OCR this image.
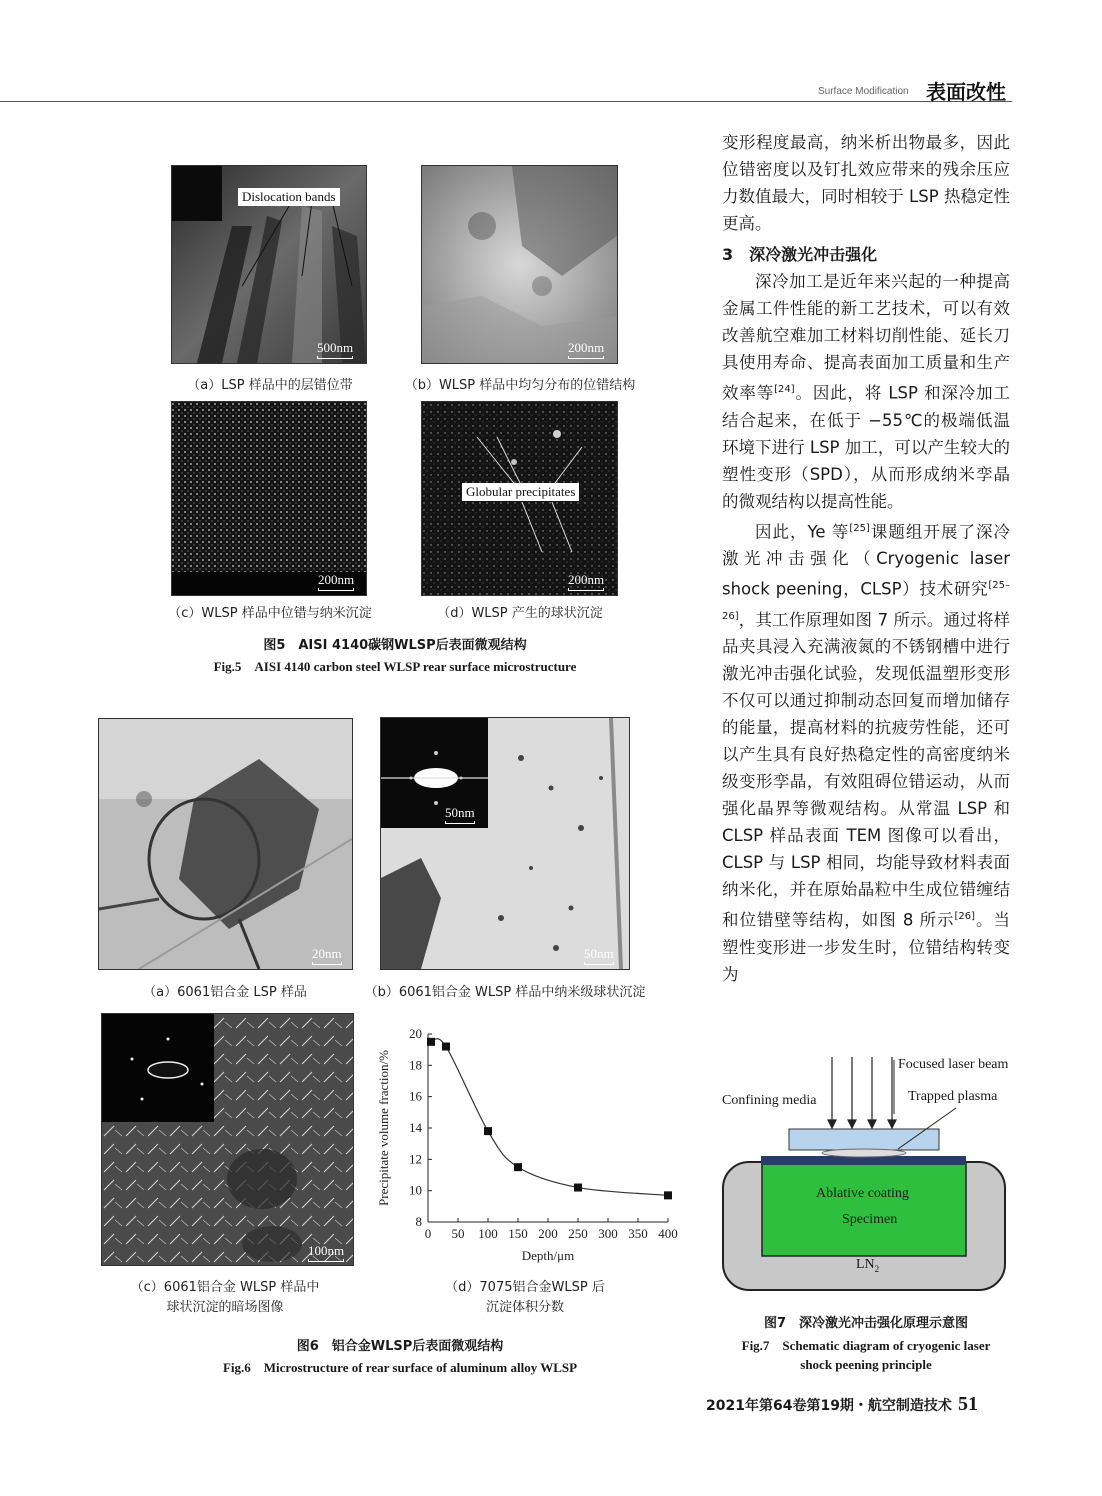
Surface Modification 表面改性
Dislocation bands
500nm
（a）LSP 样品中的层错位带
200nm
（b）WLSP 样品中均匀分布的位错结构
200nm
（c）WLSP 样品中位错与纳米沉淀
Globular precipitates
200nm
（d）WLSP 产生的球状沉淀
图5　AISI 4140碳钢WLSP后表面微观结构
Fig.5　AISI 4140 carbon steel WLSP rear surface microstructure
20nm
（a）6061铝合金 LSP 样品
50nm
50nm
（b）6061铝合金 WLSP 样品中纳米级球状沉淀
100nm
（c）6061铝合金 WLSP 样品中
球状沉淀的暗场图像
0 50 100 150 200 250 300 350 400
8
10
12
14
16
18
20
Depth/μm
Precipitate volume fraction/%
（d）7075铝合金WLSP 后
沉淀体积分数
图6　铝合金WLSP后表面微观结构
Fig.6　Microstructure of rear surface of aluminum alloy WLSP

变形程度最高，纳米析出物最多，因此位错密度以及钉扎效应带来的残余压应力数值最大，同时相较于 LSP 热稳定性更高。

3　深冷激光冲击强化

深冷加工是近年来兴起的一种提高金属工件性能的新工艺技术，可以有效改善航空难加工材料切削性能、延长刀具使用寿命、提高表面加工质量和生产效率等[24]。因此，将 LSP 和深冷加工结合起来，在低于 −55℃的极端低温环境下进行 LSP 加工，可以产生较大的塑性变形（SPD），从而形成纳米孪晶的微观结构以提高性能。

因此，Ye 等[25]课题组开展了深冷激光冲击强化（Cryogenic laser shock peening，CLSP）技术研究[25–26]，其工作原理如图 7 所示。通过将样品夹具浸入充满液氮的不锈钢槽中进行激光冲击强化试验，发现低温塑形变形不仅可以通过抑制动态回复而增加储存的能量，提高材料的抗疲劳性能，还可以产生具有良好热稳定性的高密度纳米级变形孪晶，有效阻碍位错运动，从而强化晶界等微观结构。从常温 LSP 和 CLSP 样品表面 TEM 图像可以看出，CLSP 与 LSP 相同，均能导致材料表面纳米化，并在原始晶粒中生成位错缠结和位错壁等结构，如图 8 所示[26]。当塑性变形进一步发生时，位错结构转变为

Focused laser beam
Confining media	Trapped plasma
Ablative coating
Specimen
$LN_2$
图7　深冷激光冲击强化原理示意图
Fig.7　Schematic diagram of cryogenic laser
shock peening principle
2021年第64卷第19期・航空制造技术 51
